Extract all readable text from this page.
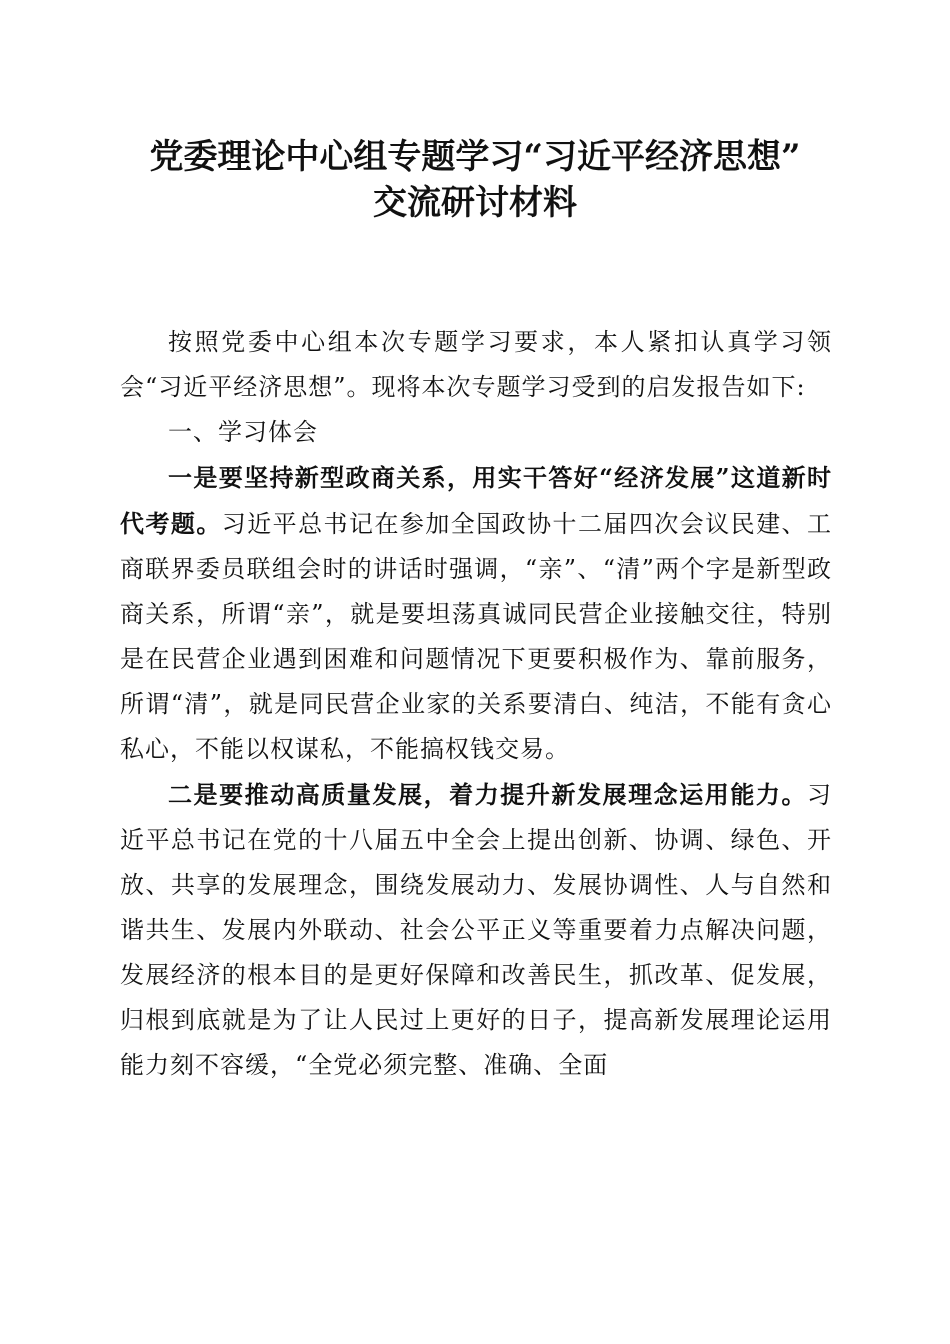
党委理论中心组专题学习“习近平经济思想”
交流研讨材料

按照党委中心组本次专题学习要求，本人紧扣认真学习领会“习近平经济思想”。现将本次专题学习受到的启发报告如下:

一、学习体会

一是要坚持新型政商关系，用实干答好“经济发展”这道新时代考题。习近平总书记在参加全国政协十二届四次会议民建、工商联界委员联组会时的讲话时强调，“亲”、“清”两个字是新型政商关系，所谓“亲”，就是要坦荡真诚同民营企业接触交往，特别是在民营企业遇到困难和问题情况下更要积极作为、靠前服务，所谓“清”，就是同民营企业家的关系要清白、纯洁，不能有贪心私心，不能以权谋私，不能搞权钱交易。

二是要推动高质量发展，着力提升新发展理念运用能力。习近平总书记在党的十八届五中全会上提出创新、协调、绿色、开放、共享的发展理念，围绕发展动力、发展协调性、人与自然和谐共生、发展内外联动、社会公平正义等重要着力点解决问题，发展经济的根本目的是更好保障和改善民生，抓改革、促发展，归根到底就是为了让人民过上更好的日子，提高新发展理论运用能力刻不容缓，“全党必须完整、准确、全面
